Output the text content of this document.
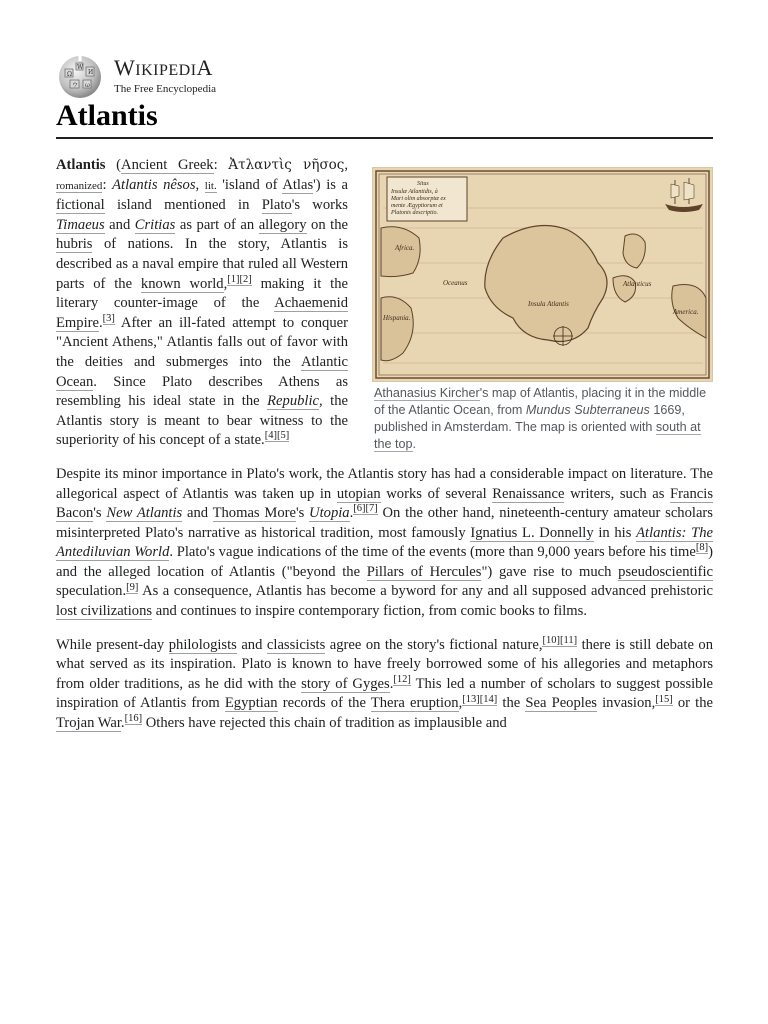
Ω
W
И
ウ ω
WIKIPEDIA
The Free Encyclopedia
Atlantis
Situs
Insulæ Atlantidis, à
Mari olim absorptæ ex
mente Ægyptiorum et
Platonis descriptio.
Africa.
Hispania.
Oceanus
Insula Atlantis
Atlanticus
America.
Athanasius Kircher's map of Atlantis, placing it in the middle of the Atlantic Ocean, from Mundus Subterraneus 1669, published in Amsterdam. The map is oriented with south at the top.

Atlantis (Ancient Greek: Ἀτλαντὶς νῆσος, romanized: Atlantis nêsos, lit. 'island of Atlas') is a fictional island mentioned in Plato's works Timaeus and Critias as part of an allegory on the hubris of nations. In the story, Atlantis is described as a naval empire that ruled all Western parts of the known world,[1][2] making it the literary counter-image of the Achaemenid Empire.[3] After an ill-fated attempt to conquer "Ancient Athens," Atlantis falls out of favor with the deities and submerges into the Atlantic Ocean. Since Plato describes Athens as resembling his ideal state in the Republic, the Atlantis story is meant to bear witness to the superiority of his concept of a state.[4][5]

Despite its minor importance in Plato's work, the Atlantis story has had a considerable impact on literature. The allegorical aspect of Atlantis was taken up in utopian works of several Renaissance writers, such as Francis Bacon's New Atlantis and Thomas More's Utopia.[6][7] On the other hand, nineteenth-century amateur scholars misinterpreted Plato's narrative as historical tradition, most famously Ignatius L. Donnelly in his Atlantis: The Antediluvian World. Plato's vague indications of the time of the events (more than 9,000 years before his time[8]) and the alleged location of Atlantis ("beyond the Pillars of Hercules") gave rise to much pseudoscientific speculation.[9] As a consequence, Atlantis has become a byword for any and all supposed advanced prehistoric lost civilizations and continues to inspire contemporary fiction, from comic books to films.

While present-day philologists and classicists agree on the story's fictional nature,[10][11] there is still debate on what served as its inspiration. Plato is known to have freely borrowed some of his allegories and metaphors from older traditions, as he did with the story of Gyges.[12] This led a number of scholars to suggest possible inspiration of Atlantis from Egyptian records of the Thera eruption,[13][14] the Sea Peoples invasion,[15] or the Trojan War.[16] Others have rejected this chain of tradition as implausible and
